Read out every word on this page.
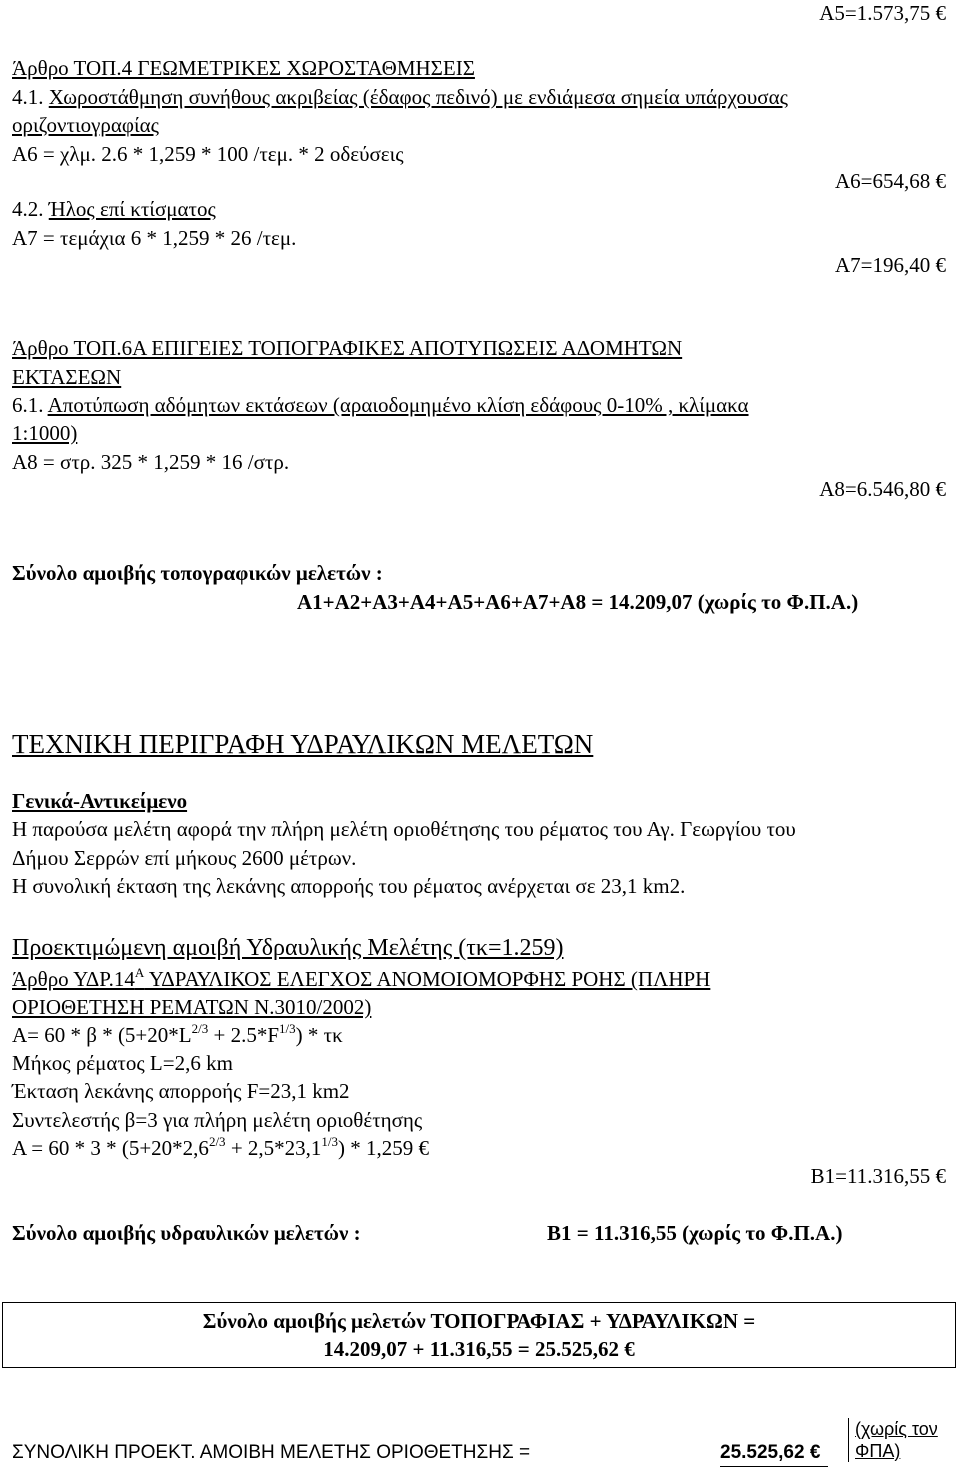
A5=1.573,75 €
Άρθρο ΤΟΠ.4 ΓΕΩΜΕΤΡΙΚΕΣ ΧΩΡΟΣΤΑΘΜΗΣΕΙΣ
4.1. Χωροστάθμηση συνήθους ακριβείας (έδαφος πεδινό) με ενδιάμεσα σημεία υπάρχουσας
οριζοντιογραφίας
Α6 = χλμ. 2.6 * 1,259 * 100 /τεμ. * 2 οδεύσεις
Α6=654,68 €
4.2. Ήλος επί κτίσματος
Α7 = τεμάχια 6 * 1,259 * 26 /τεμ.
Α7=196,40 €
Άρθρο ΤΟΠ.6Α ΕΠΙΓΕΙΕΣ ΤΟΠΟΓΡΑΦΙΚΕΣ ΑΠΟΤΥΠΩΣΕΙΣ ΑΔΟΜΗΤΩΝ
ΕΚΤΑΣΕΩΝ
6.1. Αποτύπωση αδόμητων εκτάσεων (αραιοδομημένο κλίση εδάφους 0-10% , κλίμακα
1:1000)
Α8 = στρ. 325 * 1,259 * 16 /στρ.
Α8=6.546,80 €
Σύνολο αμοιβής τοπογραφικών μελετών :
Α1+Α2+Α3+Α4+Α5+Α6+Α7+Α8 = 14.209,07 (χωρίς το Φ.Π.Α.)
ΤΕΧΝΙΚΗ ΠΕΡΙΓΡΑΦΗ ΥΔΡΑΥΛΙΚΩΝ ΜΕΛΕΤΩΝ
Γενικά-Αντικείμενο
Η παρούσα μελέτη αφορά την πλήρη μελέτη οριοθέτησης του ρέματος του Αγ. Γεωργίου του
Δήμου Σερρών επί μήκους 2600 μέτρων.
Η συνολική έκταση της λεκάνης απορροής του ρέματος ανέρχεται σε 23,1 km2.
Προεκτιμώμενη αμοιβή Υδραυλικής Μελέτης (τκ=1.259)
Άρθρο $\Upsilon\Delta P.14^A$ ΥΔΡΑΥΛΙΚΟΣ ΕΛΕΓΧΟΣ ΑΝΟΜΟΙΟΜΟΡΦΗΣ ΡΟΗΣ (ΠΛΗΡΗ
ΟΡΙΟΘΕΤΗΣΗ ΡΕΜΑΤΩΝ Ν.3010/2002)
$A= 60 * \beta * (5+20*L^{2/3} + 2.5*F^{1/3}) * \tau\kappa$
Μήκος ρέματος L=2,6 km
Έκταση λεκάνης απορροής F=23,1 km2
Συντελεστής β=3 για πλήρη μελέτη οριοθέτησης
$A = 60 * 3 * (5+20*2,6^{2/3} + 2,5*23,1^{1/3}) * 1,259$ €
Β1=11.316,55 €
Σύνολο αμοιβής υδραυλικών μελετών :	Β1 = 11.316,55 (χωρίς το Φ.Π.Α.)
Σύνολο αμοιβής μελετών ΤΟΠΟΓΡΑΦΙΑΣ + ΥΔΡΑΥΛΙΚΩΝ =
14.209,07 + 11.316,55 = 25.525,62 €
ΣΥΝΟΛΙΚΗ ΠΡΟΕΚΤ. ΑΜΟΙΒΗ ΜΕΛΕΤΗΣ ΟΡΙΟΘΕΤΗΣΗΣ =	25.525,62 €
(χωρίς τον
ΦΠΑ)
